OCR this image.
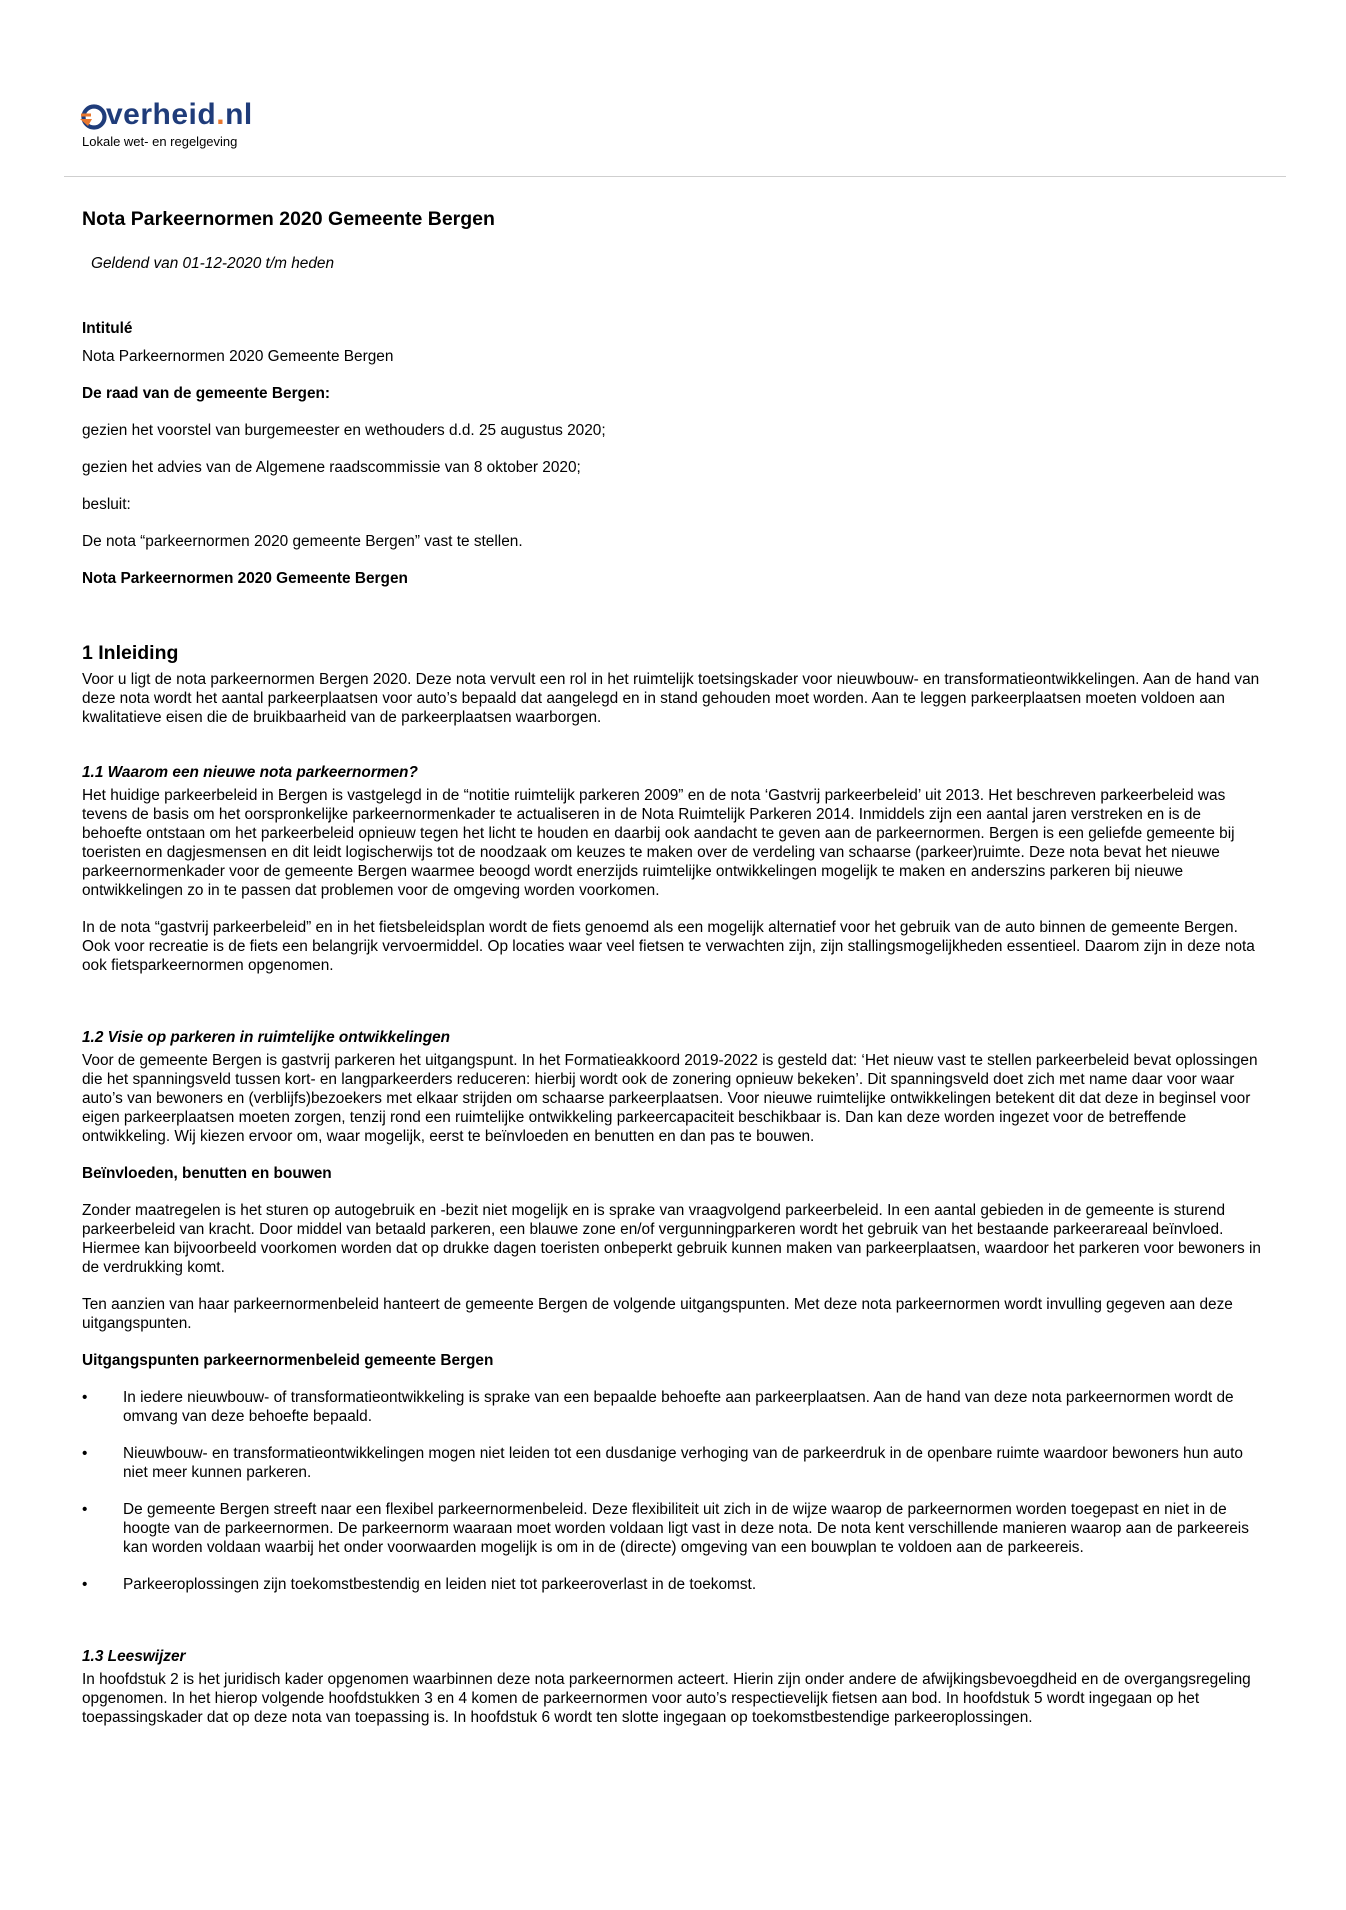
verheid . nl
Lokale wet- en regelgeving
Nota Parkeernormen 2020 Gemeente Bergen

Geldend van 01-12-2020 t/m heden

Intitulé

Nota Parkeernormen 2020 Gemeente Bergen

De raad van de gemeente Bergen:

gezien het voorstel van burgemeester en wethouders d.d. 25 augustus 2020;

gezien het advies van de Algemene raadscommissie van 8 oktober 2020;

besluit:

De nota “parkeernormen 2020 gemeente Bergen” vast te stellen.

Nota Parkeernormen 2020 Gemeente Bergen

1 Inleiding

Voor u ligt de nota parkeernormen Bergen 2020. Deze nota vervult een rol in het ruimtelijk toetsingskader voor nieuwbouw- en transformatieontwikkelingen. Aan de hand van deze nota wordt het aantal parkeerplaatsen voor auto’s bepaald dat aangelegd en in stand gehouden moet worden. Aan te leggen parkeerplaatsen moeten voldoen aan kwalitatieve eisen die de bruikbaarheid van de parkeerplaatsen waarborgen.

1.1 Waarom een nieuwe nota parkeernormen?

Het huidige parkeerbeleid in Bergen is vastgelegd in de “notitie ruimtelijk parkeren 2009” en de nota ‘Gastvrij parkeerbeleid’ uit 2013. Het beschreven parkeerbeleid was tevens de basis om het oorspronkelijke parkeernormenkader te actualiseren in de Nota Ruimtelijk Parkeren 2014. Inmiddels zijn een aantal jaren verstreken en is de behoefte ontstaan om het parkeerbeleid opnieuw tegen het licht te houden en daarbij ook aandacht te geven aan de parkeernormen. Bergen is een geliefde gemeente bij toeristen en dagjesmensen en dit leidt logischerwijs tot de noodzaak om keuzes te maken over de verdeling van schaarse (parkeer)ruimte. Deze nota bevat het nieuwe parkeernormenkader voor de gemeente Bergen waarmee beoogd wordt enerzijds ruimtelijke ontwikkelingen mogelijk te maken en anderszins parkeren bij nieuwe ontwikkelingen zo in te passen dat problemen voor de omgeving worden voorkomen.

In de nota “gastvrij parkeerbeleid” en in het fietsbeleidsplan wordt de fiets genoemd als een mogelijk alternatief voor het gebruik van de auto binnen de gemeente Bergen. Ook voor recreatie is de fiets een belangrijk vervoermiddel. Op locaties waar veel fietsen te verwachten zijn, zijn stallingsmogelijkheden essentieel. Daarom zijn in deze nota ook fietsparkeernormen opgenomen.

1.2 Visie op parkeren in ruimtelijke ontwikkelingen

Voor de gemeente Bergen is gastvrij parkeren het uitgangspunt. In het Formatieakkoord 2019-2022 is gesteld dat: ‘Het nieuw vast te stellen parkeerbeleid bevat oplossingen die het spanningsveld tussen kort- en langparkeerders reduceren: hierbij wordt ook de zonering opnieuw bekeken’. Dit spanningsveld doet zich met name daar voor waar auto’s van bewoners en (verblijfs)bezoekers met elkaar strijden om schaarse parkeerplaatsen. Voor nieuwe ruimtelijke ontwikkelingen betekent dit dat deze in beginsel voor eigen parkeerplaatsen moeten zorgen, tenzij rond een ruimtelijke ontwikkeling parkeercapaciteit beschikbaar is. Dan kan deze worden ingezet voor de betreffende ontwikkeling. Wij kiezen ervoor om, waar mogelijk, eerst te beïnvloeden en benutten en dan pas te bouwen.

Beïnvloeden, benutten en bouwen

Zonder maatregelen is het sturen op autogebruik en -bezit niet mogelijk en is sprake van vraagvolgend parkeerbeleid. In een aantal gebieden in de gemeente is sturend parkeerbeleid van kracht. Door middel van betaald parkeren, een blauwe zone en/of vergunningparkeren wordt het gebruik van het bestaande parkeerareaal beïnvloed. Hiermee kan bijvoorbeeld voorkomen worden dat op drukke dagen toeristen onbeperkt gebruik kunnen maken van parkeerplaatsen, waardoor het parkeren voor bewoners in de verdrukking komt.

Ten aanzien van haar parkeernormenbeleid hanteert de gemeente Bergen de volgende uitgangspunten. Met deze nota parkeernormen wordt invulling gegeven aan deze uitgangspunten.

Uitgangspunten parkeernormenbeleid gemeente Bergen

• In iedere nieuwbouw- of transformatieontwikkeling is sprake van een bepaalde behoefte aan parkeerplaatsen. Aan de hand van deze nota parkeernormen wordt de omvang van deze behoefte bepaald.
• Nieuwbouw- en transformatieontwikkelingen mogen niet leiden tot een dusdanige verhoging van de parkeerdruk in de openbare ruimte waardoor bewoners hun auto niet meer kunnen parkeren.
• De gemeente Bergen streeft naar een flexibel parkeernormenbeleid. Deze flexibiliteit uit zich in de wijze waarop de parkeernormen worden toegepast en niet in de hoogte van de parkeernormen. De parkeernorm waaraan moet worden voldaan ligt vast in deze nota. De nota kent verschillende manieren waarop aan de parkeereis kan worden voldaan waarbij het onder voorwaarden mogelijk is om in de (directe) omgeving van een bouwplan te voldoen aan de parkeereis.
• Parkeeroplossingen zijn toekomstbestendig en leiden niet tot parkeeroverlast in de toekomst.
1.3 Leeswijzer

In hoofdstuk 2 is het juridisch kader opgenomen waarbinnen deze nota parkeernormen acteert. Hierin zijn onder andere de afwijkingsbevoegdheid en de overgangsregeling opgenomen. In het hierop volgende hoofdstukken 3 en 4 komen de parkeernormen voor auto’s respectievelijk fietsen aan bod. In hoofdstuk 5 wordt ingegaan op het toepassingskader dat op deze nota van toepassing is. In hoofdstuk 6 wordt ten slotte ingegaan op toekomstbestendige parkeeroplossingen.
